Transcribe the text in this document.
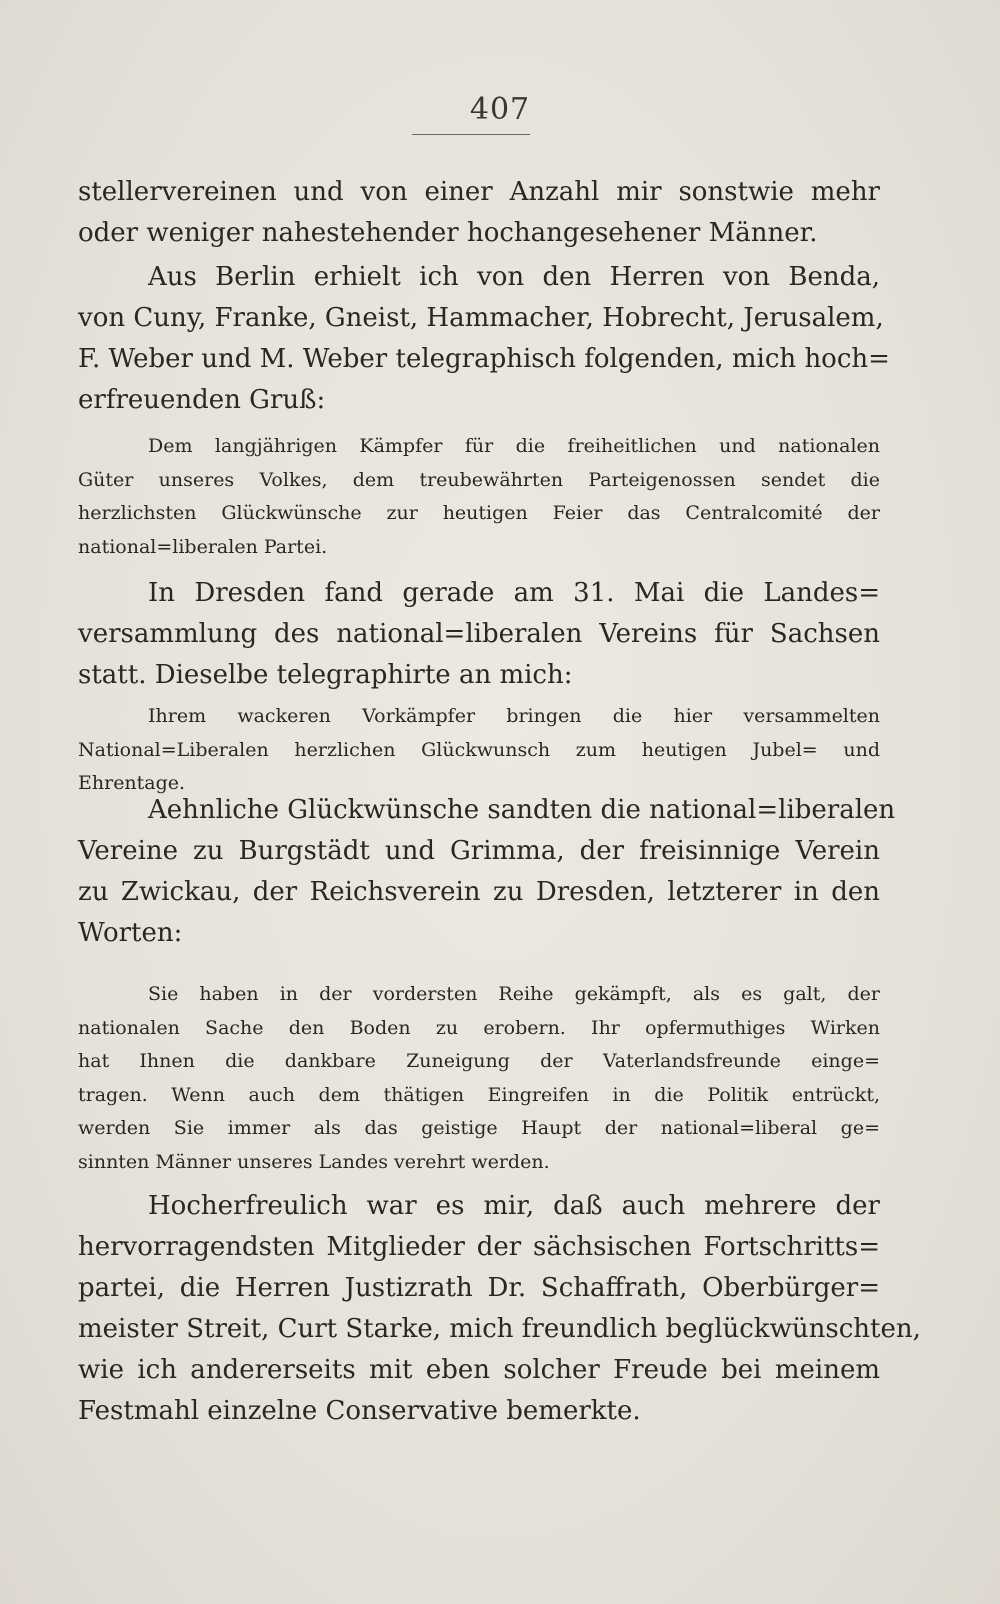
407
stellervereinen und von einer Anzahl mir sonstwie mehr
oder weniger nahestehender hochangesehener Männer.
Aus Berlin erhielt ich von den Herren von Benda,
von Cuny, Franke, Gneist, Hammacher, Hobrecht, Jerusalem,
F. Weber und M. Weber telegraphisch folgenden, mich hoch=
erfreuenden Gruß:
Dem langjährigen Kämpfer für die freiheitlichen und nationalen
Güter unseres Volkes, dem treubewährten Parteigenossen sendet die
herzlichsten Glückwünsche zur heutigen Feier das Centralcomité der
national=liberalen Partei.
In Dresden fand gerade am 31. Mai die Landes=
versammlung des national=liberalen Vereins für Sachsen
statt. Dieselbe telegraphirte an mich:
Ihrem wackeren Vorkämpfer bringen die hier versammelten
National=Liberalen herzlichen Glückwunsch zum heutigen Jubel= und
Ehrentage.
Aehnliche Glückwünsche sandten die national=liberalen
Vereine zu Burgstädt und Grimma, der freisinnige Verein
zu Zwickau, der Reichsverein zu Dresden, letzterer in den
Worten:
Sie haben in der vordersten Reihe gekämpft, als es galt, der
nationalen Sache den Boden zu erobern. Ihr opfermuthiges Wirken
hat Ihnen die dankbare Zuneigung der Vaterlandsfreunde einge=
tragen. Wenn auch dem thätigen Eingreifen in die Politik entrückt,
werden Sie immer als das geistige Haupt der national=liberal ge=
sinnten Männer unseres Landes verehrt werden.
Hocherfreulich war es mir, daß auch mehrere der
hervorragendsten Mitglieder der sächsischen Fortschritts=
partei, die Herren Justizrath Dr. Schaffrath, Oberbürger=
meister Streit, Curt Starke, mich freundlich beglückwünschten,
wie ich andererseits mit eben solcher Freude bei meinem
Festmahl einzelne Conservative bemerkte.
